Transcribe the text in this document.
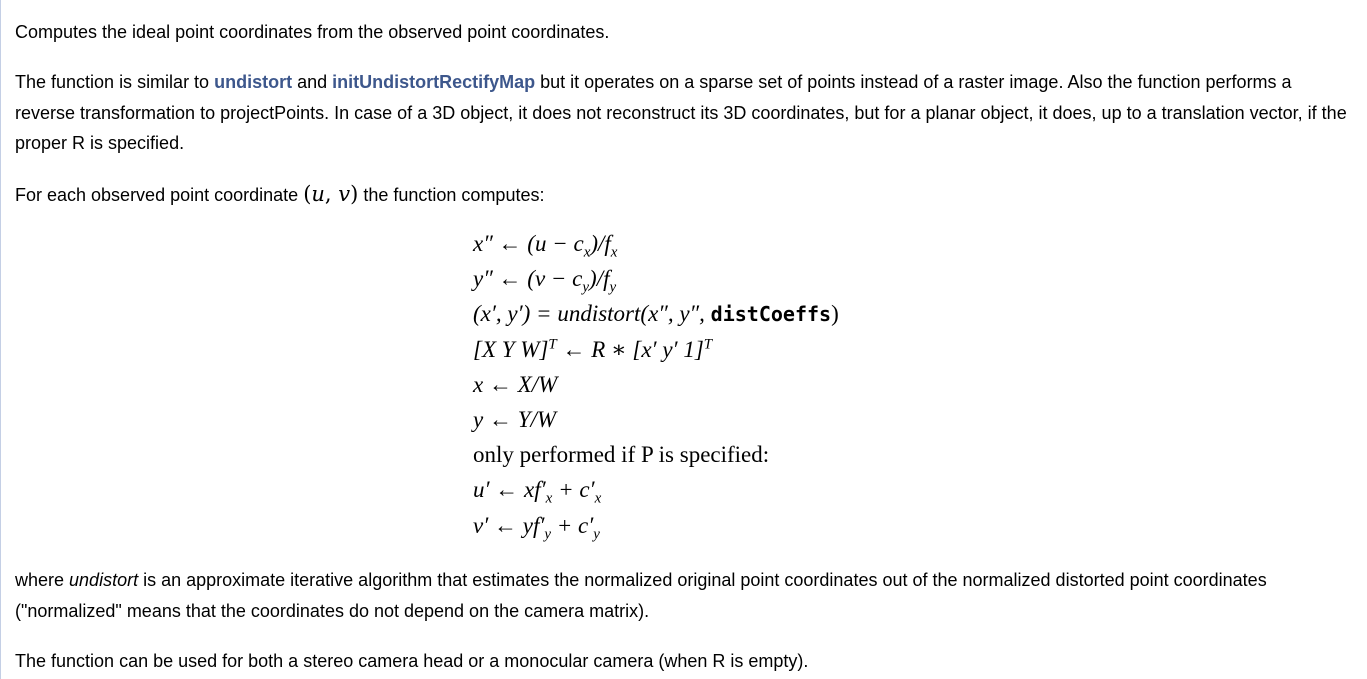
Computes the ideal point coordinates from the observed point coordinates.

The function is similar to undistort and initUndistortRectifyMap but it operates on a sparse set of points instead of a raster image. Also the function performs a reverse transformation to projectPoints. In case of a 3D object, it does not reconstruct its 3D coordinates, but for a planar object, it does, up to a translation vector, if the proper R is specified.

For each observed point coordinate (u, v) the function computes:

x″ ← $(u - c_x)/f_x$
y″ ← $(v - c_y)/f_y$
(x′, y′) = undistort(x″, y″, distCoeffs)
[X Y W]$^T$ ← R ∗ [x′ y′ 1]$^T$
x ← X/W
y ← Y/W
only performed if P is specified:
u′ ← $xf'_x + c'_x$
v′ ← $yf'_y + c'_y$

where undistort is an approximate iterative algorithm that estimates the normalized original point coordinates out of the normalized distorted point coordinates ("normalized" means that the coordinates do not depend on the camera matrix).

The function can be used for both a stereo camera head or a monocular camera (when R is empty).
